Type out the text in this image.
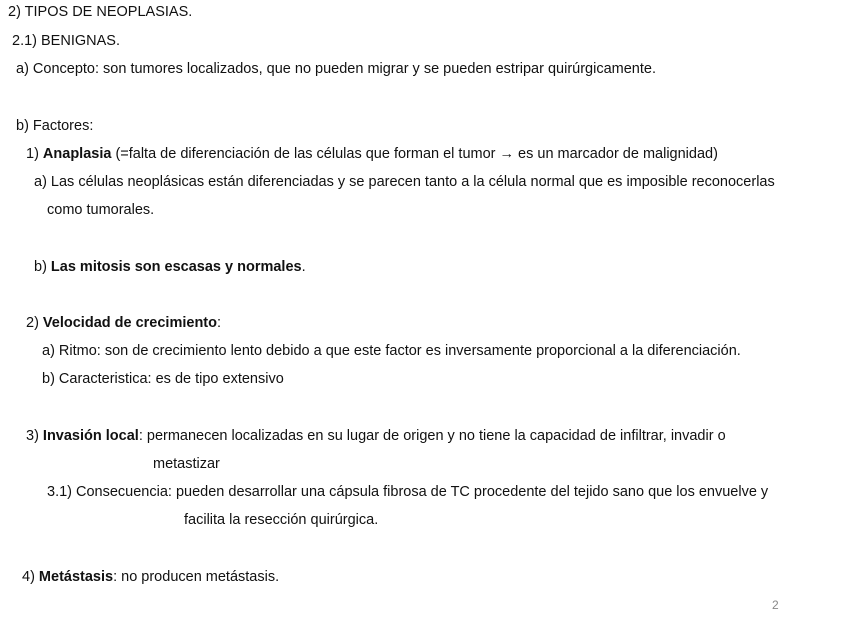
2) TIPOS DE NEOPLASIAS.
2.1) BENIGNAS.
a) Concepto: son tumores localizados, que no pueden migrar y se pueden estripar quirúrgicamente.
b) Factores:
1) Anaplasia (=falta de diferenciación de las células que forman el tumor → es un marcador de malignidad)
a) Las células neoplásicas están diferenciadas y se parecen tanto a la célula normal que es imposible reconocerlas
como tumorales.
b) Las mitosis son escasas y normales.
2) Velocidad de crecimiento:
a) Ritmo: son de crecimiento lento debido a que este factor es inversamente proporcional a la diferenciación.
b) Caracteristica: es de tipo extensivo
3) Invasión local: permanecen localizadas en su lugar de origen y no tiene la capacidad de infiltrar, invadir o
metastizar
3.1) Consecuencia: pueden desarrollar una cápsula fibrosa de TC procedente del tejido sano que los envuelve y
facilita la resección quirúrgica.
4) Metástasis: no producen metástasis.
2
